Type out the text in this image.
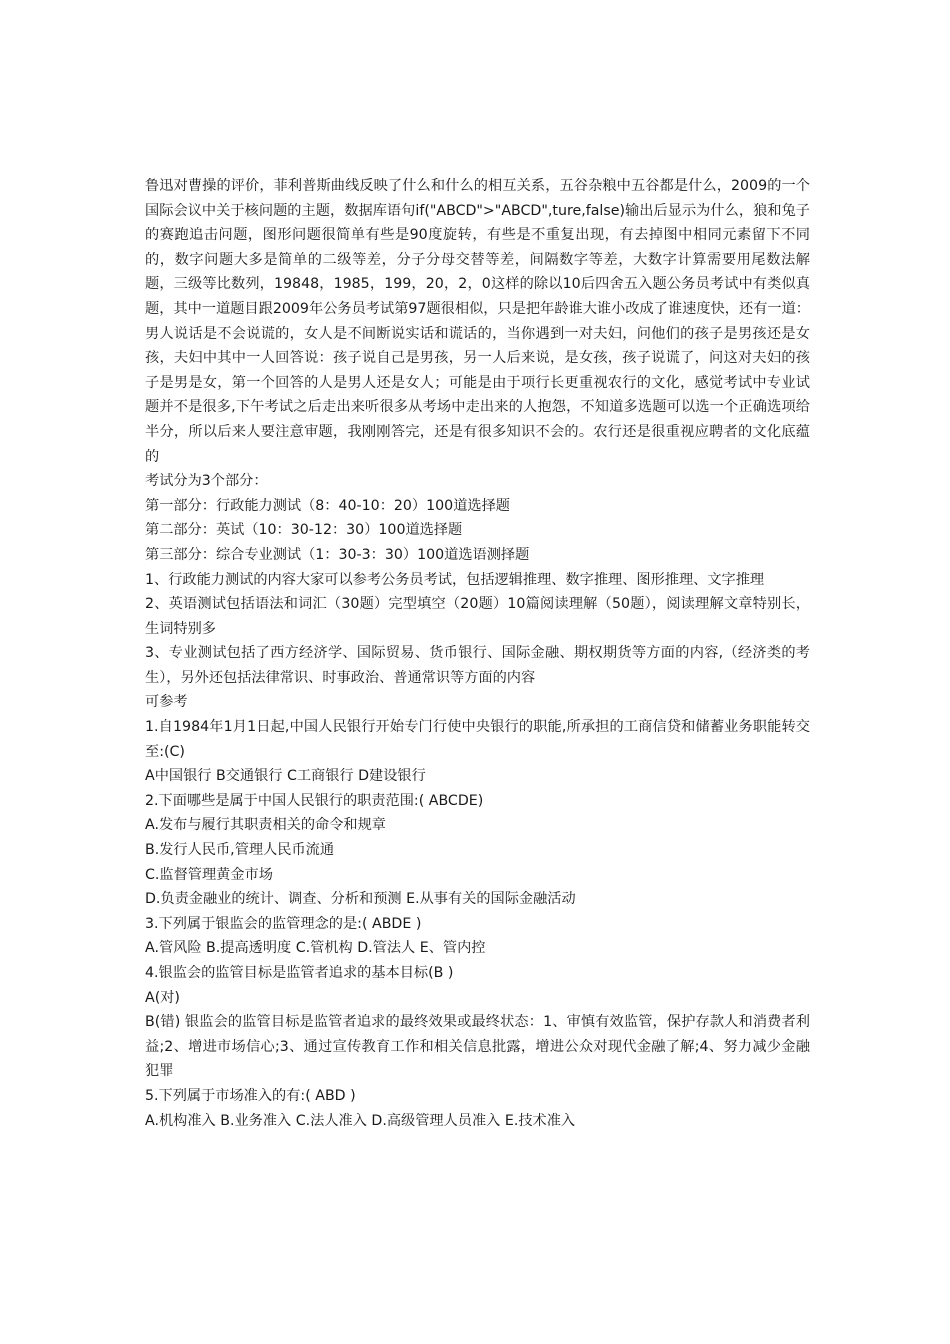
鲁迅对曹操的评价，菲利普斯曲线反映了什么和什么的相互关系，五谷杂粮中五谷都是什么，2009的一个国际会议中关于核问题的主题，数据库语句if("ABCD">"ABCD",ture,false)输出后显示为什么，狼和兔子的赛跑追击问题，图形问题很简单有些是90度旋转，有些是不重复出现，有去掉图中相同元素留下不同的，数字问题大多是简单的二级等差，分子分母交替等差，间隔数字等差，大数字计算需要用尾数法解题，三级等比数列，19848，1985，199，20，2，0这样的除以10后四舍五入题公务员考试中有类似真题，其中一道题目跟2009年公务员考试第97题很相似，只是把年龄谁大谁小改成了谁速度快，还有一道：男人说话是不会说谎的，女人是不间断说实话和谎话的，当你遇到一对夫妇，问他们的孩子是男孩还是女孩，夫妇中其中一人回答说：孩子说自己是男孩，另一人后来说，是女孩，孩子说谎了，问这对夫妇的孩子是男是女，第一个回答的人是男人还是女人；可能是由于项行长更重视农行的文化，感觉考试中专业试题并不是很多,下午考试之后走出来听很多从考场中走出来的人抱怨，不知道多选题可以选一个正确选项给半分，所以后来人要注意审题，我刚刚答完，还是有很多知识不会的。农行还是很重视应聘者的文化底蕴的

考试分为3个部分：

第一部分：行政能力测试（8：40-10：20）100道选择题

第二部分：英试（10：30-12：30）100道选择题

第三部分：综合专业测试（1：30-3：30）100道选语测择题

1、行政能力测试的内容大家可以参考公务员考试，包括逻辑推理、数字推理、图形推理、文字推理

2、英语测试包括语法和词汇（30题）完型填空（20题）10篇阅读理解（50题），阅读理解文章特别长，生词特别多

3、专业测试包括了西方经济学、国际贸易、货币银行、国际金融、期权期货等方面的内容,（经济类的考生），另外还包括法律常识、时事政治、普通常识等方面的内容

可参考

1.自1984年1月1日起,中国人民银行开始专门行使中央银行的职能,所承担的工商信贷和储蓄业务职能转交至:(C)

A中国银行 B交通银行 C工商银行 D建设银行

2.下面哪些是属于中国人民银行的职责范围:( ABCDE)

A.发布与履行其职责相关的命令和规章

B.发行人民币,管理人民币流通

C.监督管理黄金市场

D.负责金融业的统计、调查、分析和预测 E.从事有关的国际金融活动

3.下列属于银监会的监管理念的是:( ABDE )

A.管风险 B.提高透明度 C.管机构 D.管法人 E、管内控

4.银监会的监管目标是监管者追求的基本目标(B )

A(对)

B(错) 银监会的监管目标是监管者追求的最终效果或最终状态：1、审慎有效监管，保护存款人和消费者利益;2、增进市场信心;3、通过宣传教育工作和相关信息批露，增进公众对现代金融了解;4、努力减少金融犯罪

5.下列属于市场准入的有:( ABD )

A.机构准入 B.业务准入 C.法人准入 D.高级管理人员准入 E.技术准入
